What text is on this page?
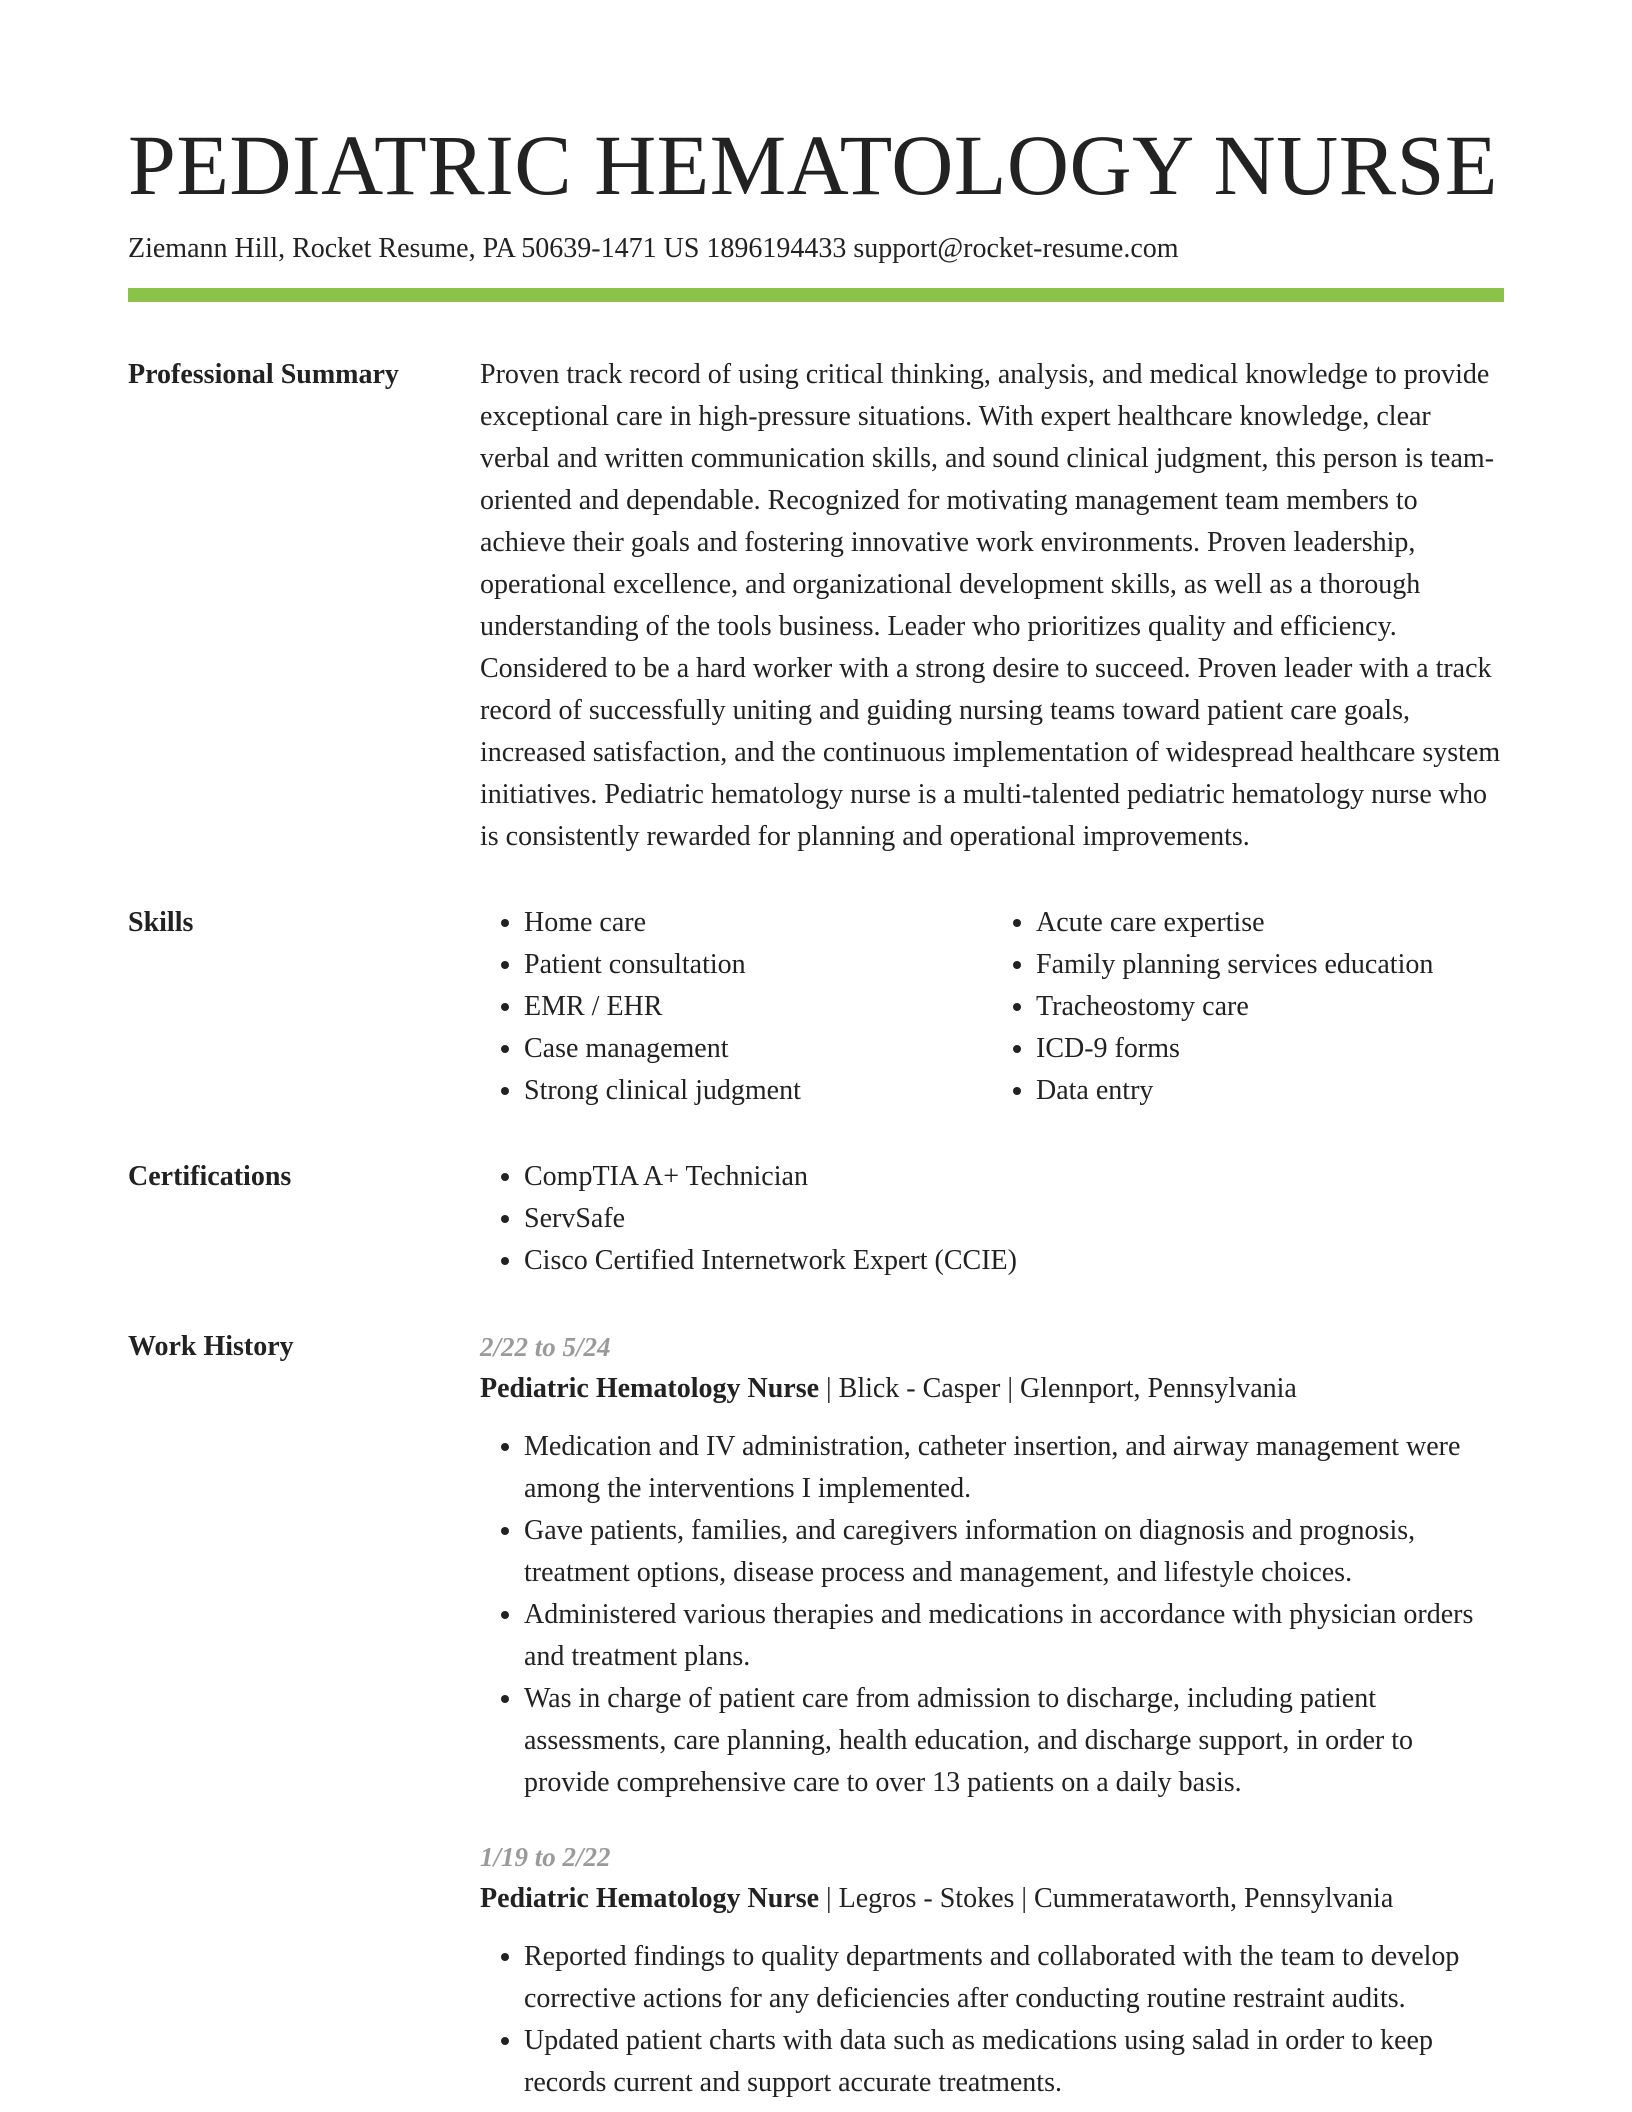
PEDIATRIC HEMATOLOGY NURSE
Ziemann Hill, Rocket Resume, PA 50639-1471 US 1896194433 support@rocket-resume.com
Professional Summary	Proven track record of using critical thinking, analysis, and medical knowledge to provide exceptional care in high-pressure situations. With expert healthcare knowledge, clear verbal and written communication skills, and sound clinical judgment, this person is team-oriented and dependable. Recognized for motivating management team members to achieve their goals and fostering innovative work environments. Proven leadership, operational excellence, and organizational development skills, as well as a thorough understanding of the tools business. Leader who prioritizes quality and efficiency. Considered to be a hard worker with a strong desire to succeed. Proven leader with a track record of successfully uniting and guiding nursing teams toward patient care goals, increased satisfaction, and the continuous implementation of widespread healthcare system initiatives. Pediatric hematology nurse is a multi-talented pediatric hematology nurse who is consistently rewarded for planning and operational improvements.

Skills	• Home care
• Patient consultation
• EMR / EHR
• Case management
• Strong clinical judgment
• Acute care expertise
• Family planning services education
• Tracheostomy care
• ICD-9 forms
• Data entry
Certifications	• CompTIA A+ Technician
• ServSafe
• Cisco Certified Internetwork Expert (CCIE)
Work History	2/22 to 5/24
Pediatric Hematology Nurse | Blick - Casper | Glennport, Pennsylvania
• Medication and IV administration, catheter insertion, and airway management were among the interventions I implemented.
• Gave patients, families, and caregivers information on diagnosis and prognosis, treatment options, disease process and management, and lifestyle choices.
• Administered various therapies and medications in accordance with physician orders and treatment plans.
• Was in charge of patient care from admission to discharge, including patient assessments, care planning, health education, and discharge support, in order to provide comprehensive care to over 13 patients on a daily basis.
1/19 to 2/22
Pediatric Hematology Nurse | Legros - Stokes | Cummerataworth, Pennsylvania
• Reported findings to quality departments and collaborated with the team to develop corrective actions for any deficiencies after conducting routine restraint audits.
• Updated patient charts with data such as medications using salad in order to keep records current and support accurate treatments.
